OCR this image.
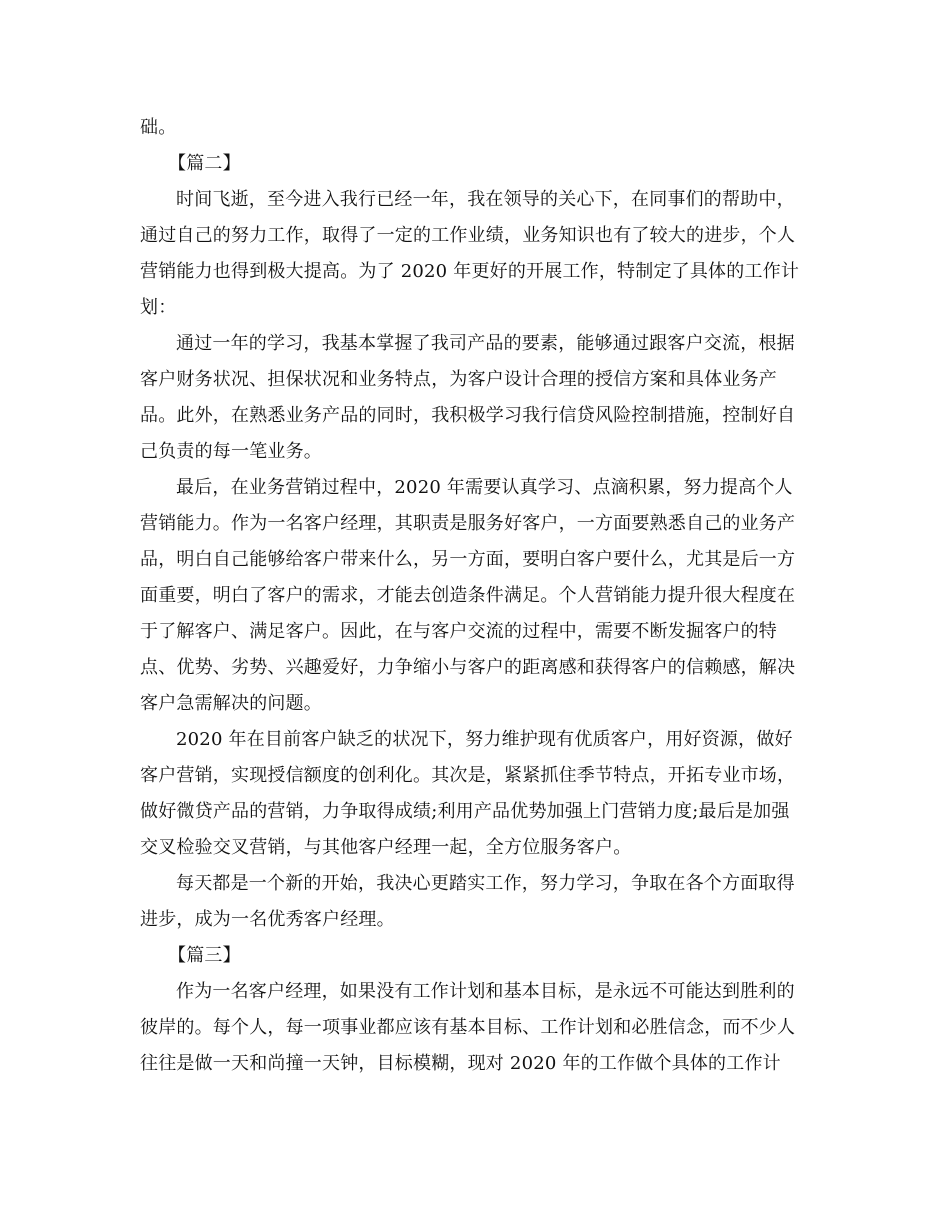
础。
【篇二】
时间飞逝，至今进入我行已经一年，我在领导的关心下，在同事们的帮助中，
通过自己的努力工作，取得了一定的工作业绩，业务知识也有了较大的进步，个人
营销能力也得到极大提高。为了 2020 年更好的开展工作，特制定了具体的工作计
划：
通过一年的学习，我基本掌握了我司产品的要素，能够通过跟客户交流，根据
客户财务状况、担保状况和业务特点，为客户设计合理的授信方案和具体业务产
品。此外，在熟悉业务产品的同时，我积极学习我行信贷风险控制措施，控制好自
己负责的每一笔业务。
最后，在业务营销过程中，2020 年需要认真学习、点滴积累，努力提高个人
营销能力。作为一名客户经理，其职责是服务好客户，一方面要熟悉自己的业务产
品，明白自己能够给客户带来什么，另一方面，要明白客户要什么，尤其是后一方
面重要，明白了客户的需求，才能去创造条件满足。个人营销能力提升很大程度在
于了解客户、满足客户。因此，在与客户交流的过程中，需要不断发掘客户的特
点、优势、劣势、兴趣爱好，力争缩小与客户的距离感和获得客户的信赖感，解决
客户急需解决的问题。
2020 年在目前客户缺乏的状况下，努力维护现有优质客户，用好资源，做好
客户营销，实现授信额度的创利化。其次是，紧紧抓住季节特点，开拓专业市场，
做好微贷产品的营销，力争取得成绩;利用产品优势加强上门营销力度;最后是加强
交叉检验交叉营销，与其他客户经理一起，全方位服务客户。
每天都是一个新的开始，我决心更踏实工作，努力学习，争取在各个方面取得
进步，成为一名优秀客户经理。
【篇三】
作为一名客户经理，如果没有工作计划和基本目标，是永远不可能达到胜利的
彼岸的。每个人，每一项事业都应该有基本目标、工作计划和必胜信念，而不少人
往往是做一天和尚撞一天钟，目标模糊，现对 2020 年的工作做个具体的工作计
